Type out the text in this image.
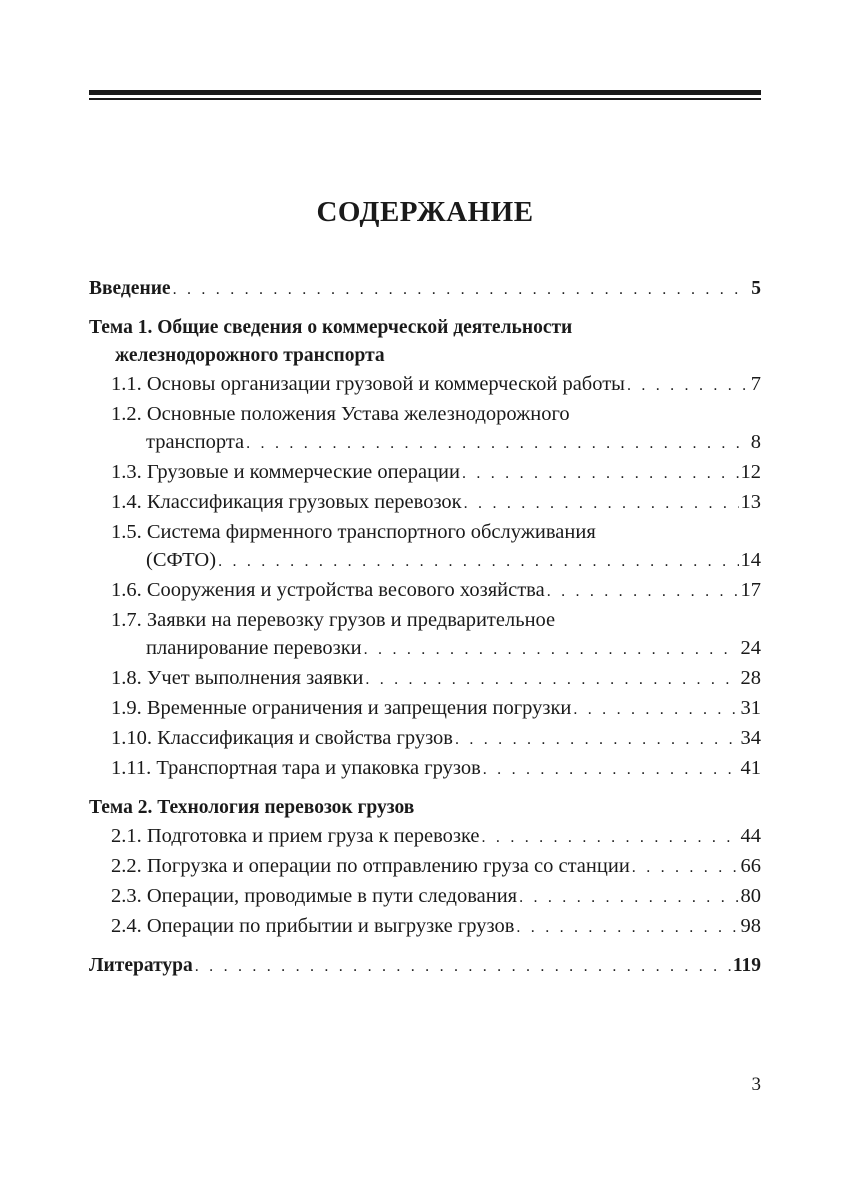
СОДЕРЖАНИЕ
Введение . . .	5
Тема 1. Общие сведения о коммерческой деятельности
железнодорожного транспорта
1.1. Основы организации грузовой и коммерческой работы . . .	7
1.2. Основные положения Устава железнодорожного
транспорта . . .	8
1.3. Грузовые и коммерческие операции . . .	12
1.4. Классификация грузовых перевозок . . .	13
1.5. Система фирменного транспортного обслуживания
(СФТО) . . .	14
1.6. Сооружения и устройства весового хозяйства . . .	17
1.7. Заявки на перевозку грузов и предварительное
планирование перевозки . . .	24
1.8. Учет выполнения заявки . . .	28
1.9. Временные ограничения и запрещения погрузки . . .	31
1.10. Классификация и свойства грузов . . .	34
1.11. Транспортная тара и упаковка грузов . . .	41
Тема 2. Технология перевозок грузов
2.1. Подготовка и прием груза к перевозке . . .	44
2.2. Погрузка и операции по отправлению груза со станции . . .	66
2.3. Операции, проводимые в пути следования . . .	80
2.4. Операции по прибытии и выгрузке грузов . . .	98
Литература . . .	119
3
